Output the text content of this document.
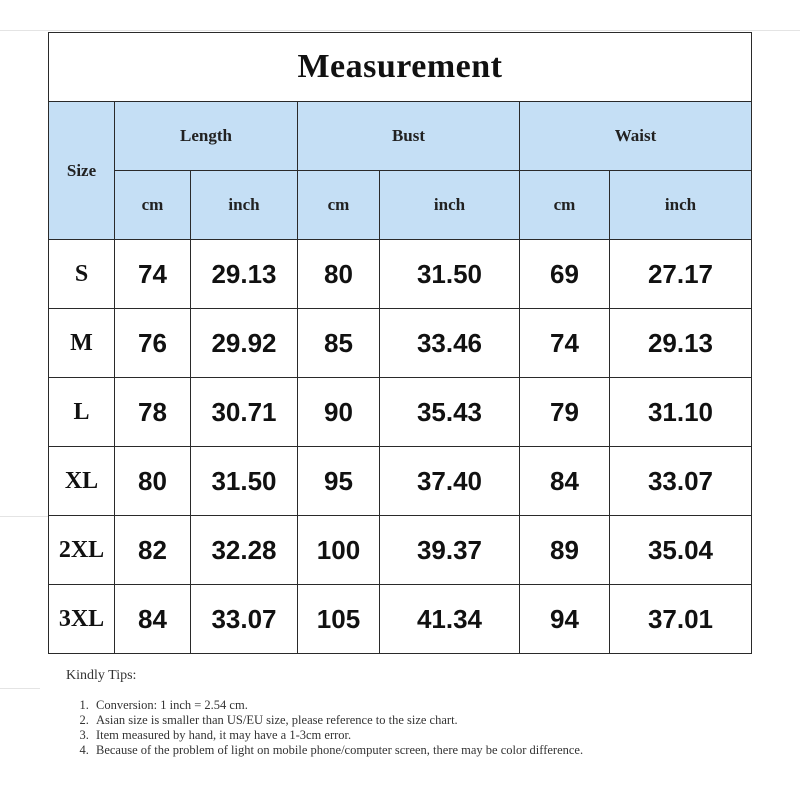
Measurement						
Size	Length		Bust		Waist	
	cm	inch	cm	inch	cm	inch
S	74	29.13	80	31.50	69	27.17
M	76	29.92	85	33.46	74	29.13
L	78	30.71	90	35.43	79	31.10
XL	80	31.50	95	37.40	84	33.07
2XL	82	32.28	100	39.37	89	35.04
3XL	84	33.07	105	41.34	94	37.01
Kindly Tips:
1. Conversion: 1 inch = 2.54 cm.
2. Asian size is smaller than US/EU size, please reference to the size chart.
3. Item measured by hand, it may have a 1-3cm error.
4. Because of the problem of light on mobile phone/computer screen, there may be color difference.
